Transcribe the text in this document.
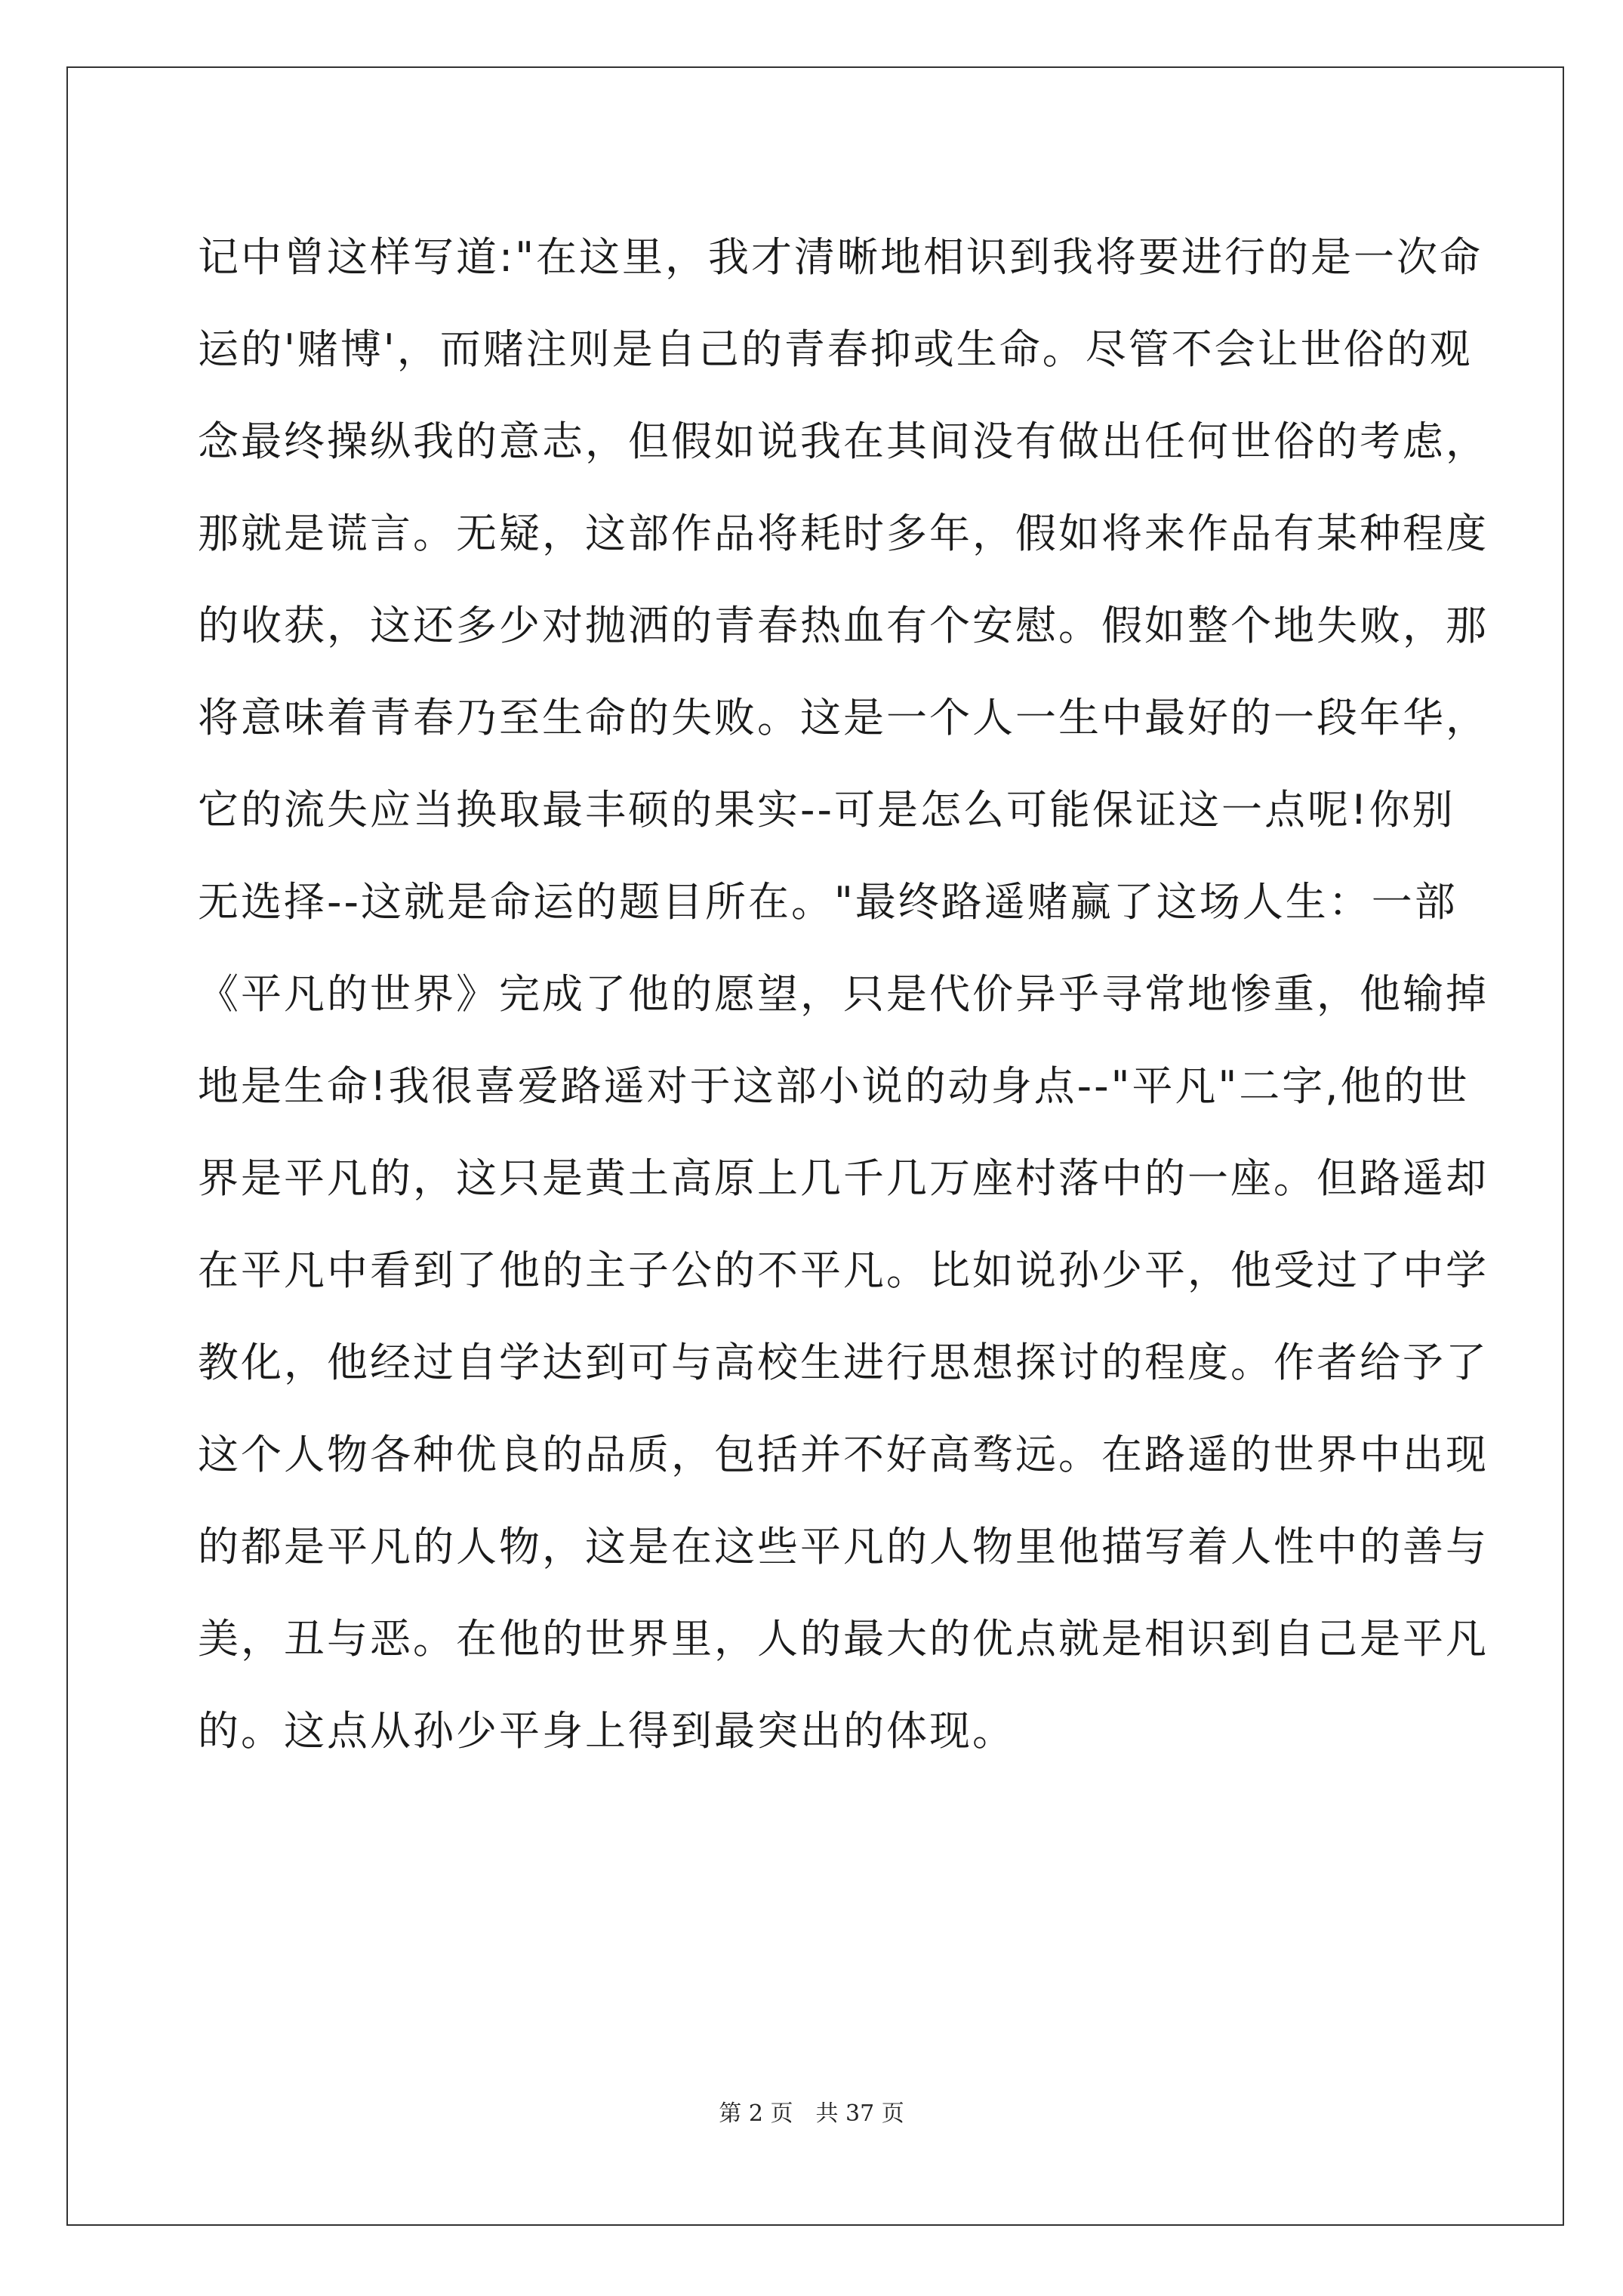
记中曾这样写道:"在这里，我才清晰地相识到我将要进行的是一次命
运的'赌博'，而赌注则是自己的青春抑或生命。尽管不会让世俗的观
念最终操纵我的意志，但假如说我在其间没有做出任何世俗的考虑，
那就是谎言。无疑，这部作品将耗时多年，假如将来作品有某种程度
的收获，这还多少对抛洒的青春热血有个安慰。假如整个地失败，那
将意味着青春乃至生命的失败。这是一个人一生中最好的一段年华，
它的流失应当换取最丰硕的果实--可是怎么可能保证这一点呢!你别
无选择--这就是命运的题目所在。"最终路遥赌赢了这场人生：一部
《平凡的世界》完成了他的愿望，只是代价异乎寻常地惨重，他输掉
地是生命!我很喜爱路遥对于这部小说的动身点--"平凡"二字,他的世
界是平凡的，这只是黄土高原上几千几万座村落中的一座。但路遥却
在平凡中看到了他的主子公的不平凡。比如说孙少平，他受过了中学
教化，他经过自学达到可与高校生进行思想探讨的程度。作者给予了
这个人物各种优良的品质，包括并不好高骛远。在路遥的世界中出现
的都是平凡的人物，这是在这些平凡的人物里他描写着人性中的善与
美，丑与恶。在他的世界里，人的最大的优点就是相识到自己是平凡
的。这点从孙少平身上得到最突出的体现。
第 2 页 共 37 页
